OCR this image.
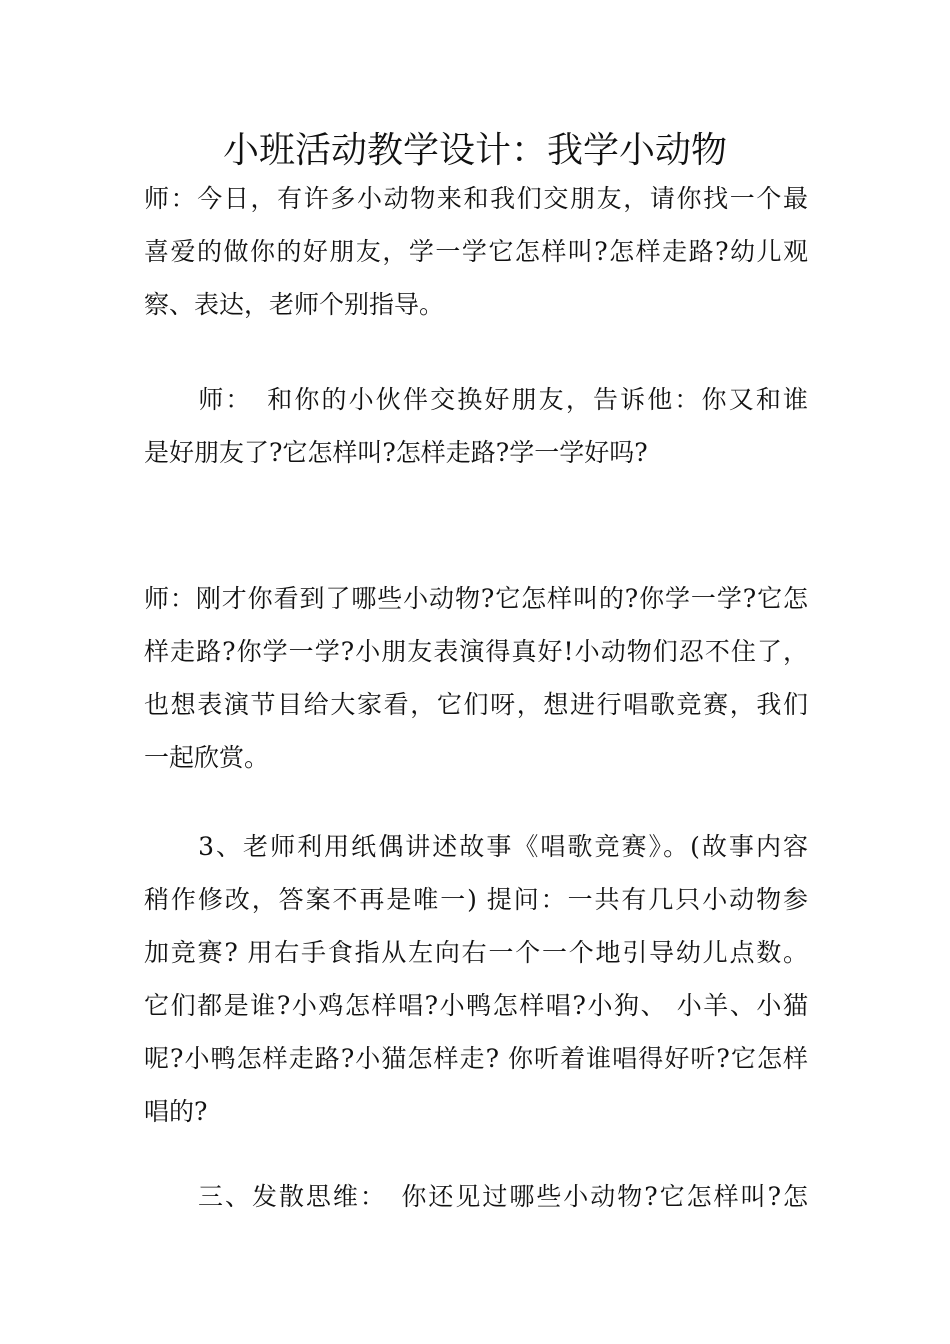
小班活动教学设计：我学小动物

师：今日，有许多小动物来和我们交朋友，请你找一个最
喜爱的做你的好朋友，学一学它怎样叫?怎样走路?幼儿观
察、表达，老师个别指导。

　　师：　和你的小伙伴交换好朋友，告诉他：你又和谁
是好朋友了?它怎样叫?怎样走路?学一学好吗?

师：刚才你看到了哪些小动物?它怎样叫的?你学一学?它怎
样走路?你学一学?小朋友表演得真好!小动物们忍不住了，
也想表演节目给大家看，它们呀，想进行唱歌竞赛，我们
一起欣赏。

　　3、老师利用纸偶讲述故事《唱歌竞赛》。(故事内容
稍作修改，答案不再是唯一) 提问：一共有几只小动物参
加竞赛? 用右手食指从左向右一个一个地引导幼儿点数。
它们都是谁?小鸡怎样唱?小鸭怎样唱?小狗、 小羊、小猫
呢?小鸭怎样走路?小猫怎样走? 你听着谁唱得好听?它怎样
唱的?

　　三、发散思维：　你还见过哪些小动物?它怎样叫?怎
